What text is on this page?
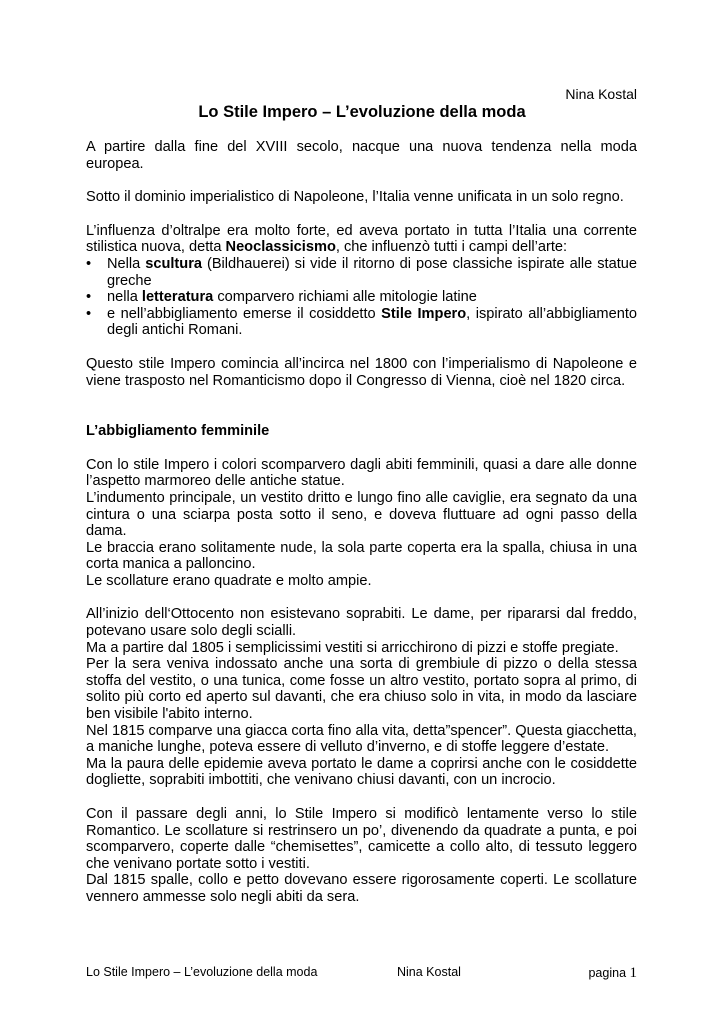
Nina Kostal
Lo Stile Impero – L’evoluzione della moda

A partire dalla fine del XVIII secolo, nacque una nuova tendenza nella moda europea.

Sotto il dominio imperialistico di Napoleone, l’Italia venne unificata in un solo regno.

L’influenza d’oltralpe era molto forte, ed aveva portato in tutta l’Italia una corrente stilistica nuova, detta Neoclassicismo, che influenzò tutti i campi dell’arte:

• Nella scultura (Bildhauerei) si vide il ritorno di pose classiche ispirate alle statue greche
• nella letteratura comparvero richiami alle mitologie latine
• e nell’abbigliamento emerse il cosiddetto Stile Impero, ispirato all’abbigliamento degli antichi Romani.

Questo stile Impero comincia all’incirca nel 1800 con l’imperialismo di Napoleone e viene trasposto nel Romanticismo dopo il Congresso di Vienna, cioè nel 1820 circa.

L’abbigliamento femminile

Con lo stile Impero i colori scomparvero dagli abiti femminili, quasi a dare alle donne l’aspetto marmoreo delle antiche statue.

L’indumento principale, un vestito dritto e lungo fino alle caviglie, era segnato da una cintura o una sciarpa posta sotto il seno, e doveva fluttuare ad ogni passo della dama.

Le braccia erano solitamente nude, la sola parte coperta era la spalla, chiusa in una corta manica a palloncino.

Le scollature erano quadrate e molto ampie.

All’inizio dell‘Ottocento non esistevano soprabiti. Le dame, per ripararsi dal freddo, potevano usare solo degli scialli.

Ma a partire dal 1805 i semplicissimi vestiti si arricchirono di pizzi e stoffe pregiate.

Per la sera veniva indossato anche una sorta di grembiule di pizzo o della stessa stoffa del vestito, o una tunica, come fosse un altro vestito, portato sopra al primo, di solito più corto ed aperto sul davanti, che era chiuso solo in vita, in modo da lasciare ben visibile l'abito interno.

Nel 1815 comparve una giacca corta fino alla vita, detta”spencer”. Questa giacchetta, a maniche lunghe, poteva essere di velluto d’inverno, e di stoffe leggere d’estate.

Ma la paura delle epidemie aveva portato le dame a coprirsi anche con le cosiddette dogliette, soprabiti imbottiti, che venivano chiusi davanti, con un incrocio.

Con il passare degli anni, lo Stile Impero si modificò lentamente verso lo stile Romantico. Le scollature si restrinsero un po’, divenendo da quadrate a punta, e poi scomparvero, coperte dalle “chemisettes”, camicette a collo alto, di tessuto leggero che venivano portate sotto i vestiti.

Dal 1815 spalle, collo e petto dovevano essere rigorosamente coperti. Le scollature vennero ammesse solo negli abiti da sera.

Lo Stile Impero – L’evoluzione della moda	Nina Kostal	pagina 1
